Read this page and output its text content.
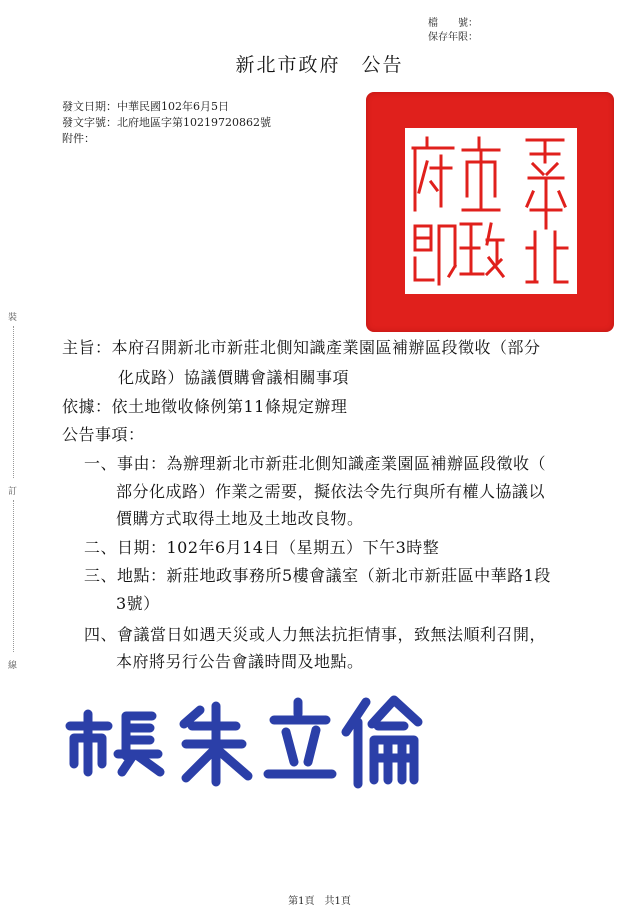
檔　　號：
保存年限：
新北市政府　公告
發文日期：中華民國102年6月5日
發文字號：北府地區字第10219720862號
附件：
裝
訂
線
主旨：本府召開新北市新莊北側知識產業園區補辦區段徵收（部分
化成路）協議價購會議相關事項
依據：依土地徵收條例第11條規定辦理
公告事項：
一、事由：為辦理新北市新莊北側知識產業園區補辦區段徵收（
部分化成路）作業之需要，擬依法令先行與所有權人協議以
價購方式取得土地及土地改良物。
二、日期：102年6月14日（星期五）下午3時整
三、地點：新莊地政事務所5樓會議室（新北市新莊區中華路1段
3號）
四、會議當日如遇天災或人力無法抗拒情事，致無法順利召開，
本府將另行公告會議時間及地點。
第1頁　共1頁
